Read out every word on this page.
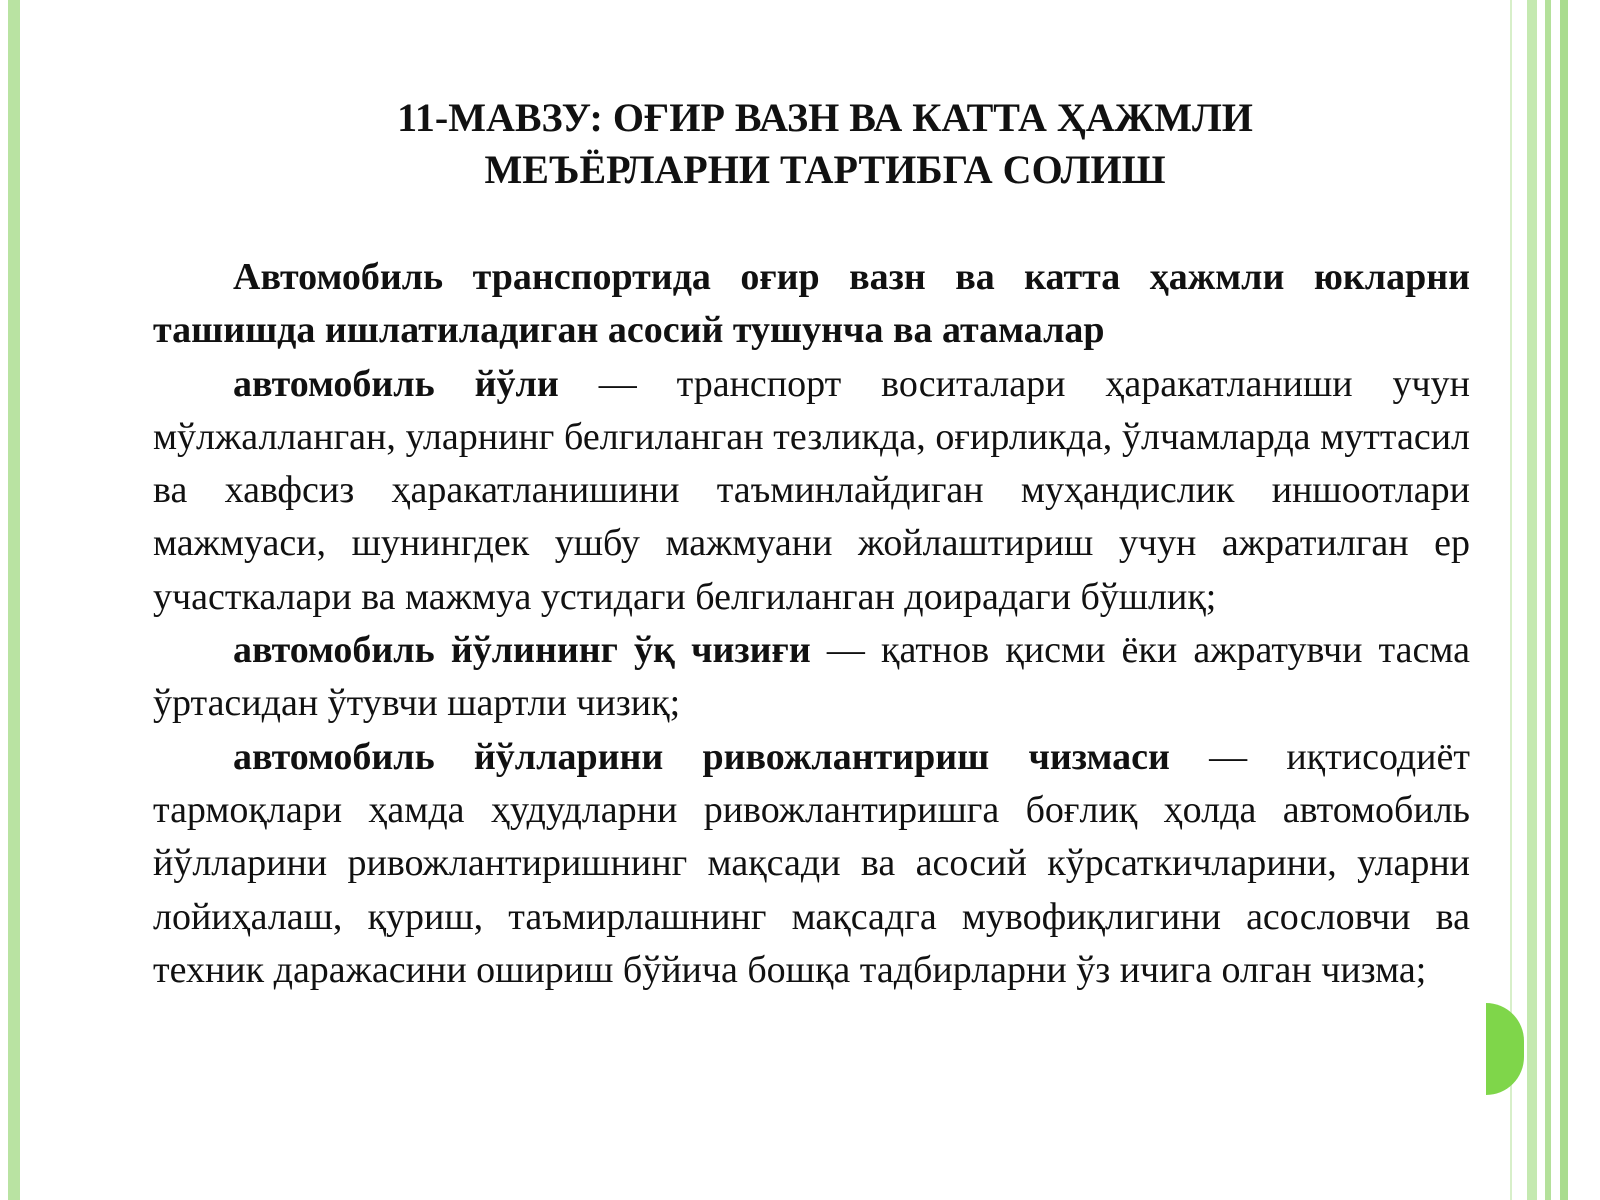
11-МАВЗУ: ОҒИР ВАЗН ВА КАТТА ҲАЖМЛИ
МЕЪЁРЛАРНИ ТАРТИБГА СОЛИШ

Автомобиль транспортида оғир вазн ва катта ҳажмли юкларни ташишда ишлатиладиган асосий тушунча ва атамалар

автомобиль йўли — транспорт воситалари ҳаракатланиши учун мўлжалланган, уларнинг белгиланган тезликда, оғирликда, ўлчамларда муттасил ва хавфсиз ҳаракатланишини таъминлайдиган муҳандислик иншоотлари мажмуаси, шунингдек ушбу мажмуани жойлаштириш учун ажратилган ер участкалари ва мажмуа устидаги белгиланган доирадаги бўшлиқ;

автомобиль йўлининг ўқ чизиғи — қатнов қисми ёки ажратувчи тасма ўртасидан ўтувчи шартли чизиқ;

автомобиль йўлларини ривожлантириш чизмаси — иқтисодиёт тармоқлари ҳамда ҳудудларни ривожлантиришга боғлиқ ҳолда автомобиль йўлларини ривожлантиришнинг мақсади ва асосий кўрсаткичларини, уларни лойиҳалаш, қуриш, таъмирлашнинг мақсадга мувофиқлигини асословчи ва техник даражасини ошириш бўйича бошқа тадбирларни ўз ичига олган чизма;
